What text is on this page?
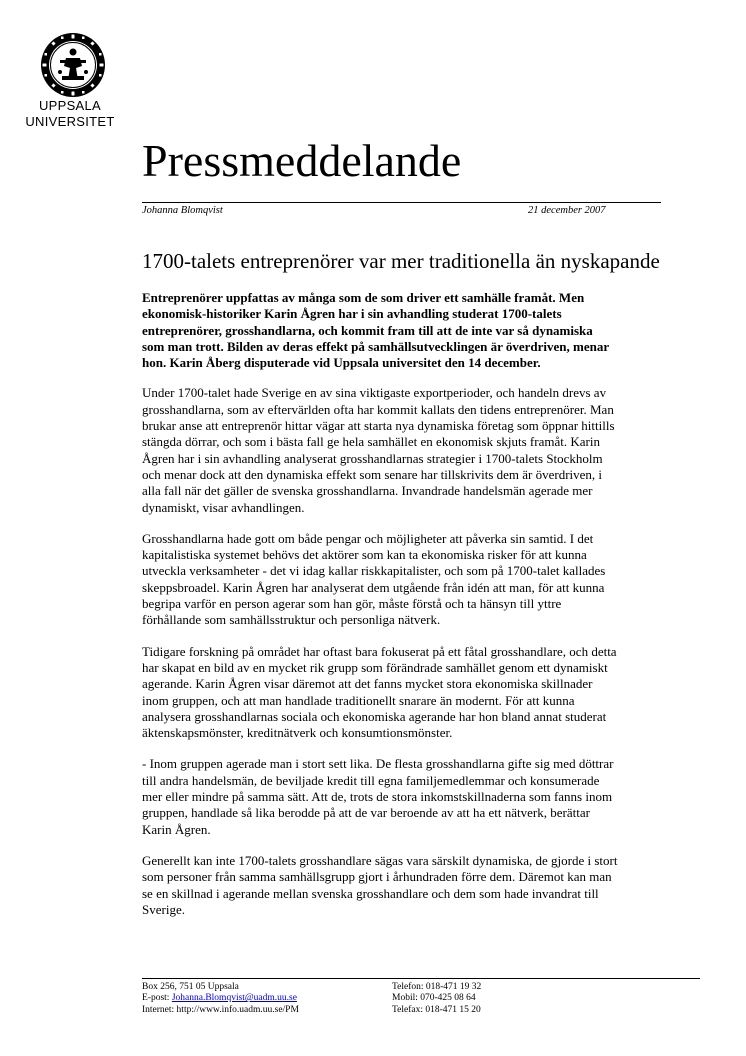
UPPSALA
UNIVERSITET
Pressmeddelande
Johanna Blomqvist	21 december 2007
1700-talets entreprenörer var mer traditionella än nyskapande

Entreprenörer uppfattas av många som de som driver ett samhälle framåt. Men
ekonomisk-historiker Karin Ågren har i sin avhandling studerat 1700-talets
entreprenörer, grosshandlarna, och kommit fram till att de inte var så dynamiska
som man trott. Bilden av deras effekt på samhällsutvecklingen är överdriven, menar
hon. Karin Åberg disputerade vid Uppsala universitet den 14 december.

Under 1700-talet hade Sverige en av sina viktigaste exportperioder, och handeln drevs av
grosshandlarna, som av eftervärlden ofta har kommit kallats den tidens entreprenörer. Man
brukar anse att entreprenör hittar vägar att starta nya dynamiska företag som öppnar hittills
stängda dörrar, och som i bästa fall ge hela samhället en ekonomisk skjuts framåt. Karin
Ågren har i sin avhandling analyserat grosshandlarnas strategier i 1700-talets Stockholm
och menar dock att den dynamiska effekt som senare har tillskrivits dem är överdriven, i
alla fall när det gäller de svenska grosshandlarna. Invandrade handelsmän agerade mer
dynamiskt, visar avhandlingen.

Grosshandlarna hade gott om både pengar och möjligheter att påverka sin samtid. I det
kapitalistiska systemet behövs det aktörer som kan ta ekonomiska risker för att kunna
utveckla verksamheter - det vi idag kallar riskkapitalister, och som på 1700-talet kallades
skeppsbroadel. Karin Ågren har analyserat dem utgående från idén att man, för att kunna
begripa varför en person agerar som han gör, måste förstå och ta hänsyn till yttre
förhållande som samhällsstruktur och personliga nätverk.

Tidigare forskning på området har oftast bara fokuserat på ett fåtal grosshandlare, och detta
har skapat en bild av en mycket rik grupp som förändrade samhället genom ett dynamiskt
agerande. Karin Ågren visar däremot att det fanns mycket stora ekonomiska skillnader
inom gruppen, och att man handlade traditionellt snarare än modernt. För att kunna
analysera grosshandlarnas sociala och ekonomiska agerande har hon bland annat studerat
äktenskapsmönster, kreditnätverk och konsumtionsmönster.

- Inom gruppen agerade man i stort sett lika. De flesta grosshandlarna gifte sig med döttrar
till andra handelsmän, de beviljade kredit till egna familjemedlemmar och konsumerade
mer eller mindre på samma sätt. Att de, trots de stora inkomstskillnaderna som fanns inom
gruppen, handlade så lika berodde på att de var beroende av att ha ett nätverk, berättar
Karin Ågren.

Generellt kan inte 1700-talets grosshandlare sägas vara särskilt dynamiska, de gjorde i stort
som personer från samma samhällsgrupp gjort i århundraden förre dem. Däremot kan man
se en skillnad i agerande mellan svenska grosshandlare och dem som hade invandrat till
Sverige.

Box 256, 751 05 Uppsala
E-post: Johanna.Blomqvist@uadm.uu.se
Internet: http://www.info.uadm.uu.se/PM
Telefon: 018-471 19 32
Mobil: 070-425 08 64
Telefax: 018-471 15 20
